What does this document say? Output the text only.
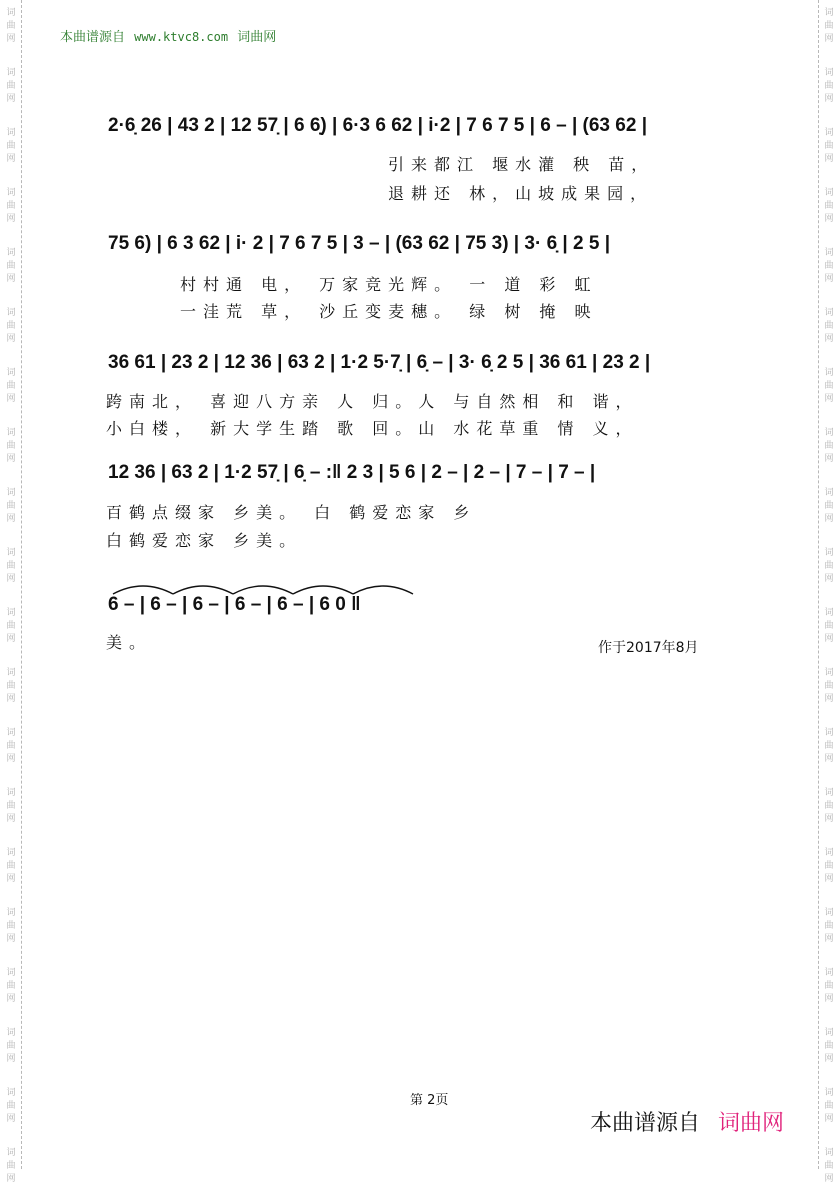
词
曲
网
词
曲
网
词
曲
网
词
曲
网
词
曲
网
词
曲
网
词
曲
网
词
曲
网
词
曲
网
词
曲
网
词
曲
网
词
曲
网
词
曲
网
词
曲
网
词
曲
网
词
曲
网
词
曲
网
词
曲
网
词
曲
网
词
曲
网
词
曲
网
词
曲
网
词
曲
网
词
曲
网
词
曲
网
词
曲
网
词
曲
网
词
曲
网
词
曲
网
词
曲
网
词
曲
网
词
曲
网
词
曲
网
词
曲
网
词
曲
网
词
曲
网
词
曲
网
词
曲
网
词
曲
网
词
曲
网
本曲谱源自 www.ktvc8.com 词曲网
2·6̣ 26 | 43 2 | 12 57̣ | 6 6̣) | 6·3 6 62 | i·2 | 7 6 7 5 | 6 – | (63 62 |
引来都江 堰水灌 秧 苗，
退耕还 林，山坡成果园，
75 6) | 6 3 62 | i· 2 | 7 6 7 5 | 3 – | (63 62 | 75 3) | 3· 6̣ | 2 5 |
村村通 电， 万家竞光辉。 一 道 彩 虹
一洼荒 草， 沙丘变麦穗。 绿 树 掩 映
36 61 | 23 2 | 12 36 | 63 2 | 1·2 5·7̣ | 6̣ – | 3· 6̣ 2 5 | 36 61 | 23 2 |
跨南北， 喜迎八方亲 人 归。人 与自然相 和 谐，
小白楼， 新大学生踏 歌 回。山 水花草重 情 义，
12 36 | 63 2 | 1·2 57̣ | 6̣ – :‖ 2 3 | 5 6 | 2 – | 2 – | 7 – | 7 – |
百鹤点缀家 乡美。 白 鹤爱恋家 乡
白鹤爱恋家 乡美。
6 – | 6 – | 6 – | 6 – | 6 – | 6 0 ‖
美。	作于2017年8月
第 2页
本曲谱源自 词曲网
